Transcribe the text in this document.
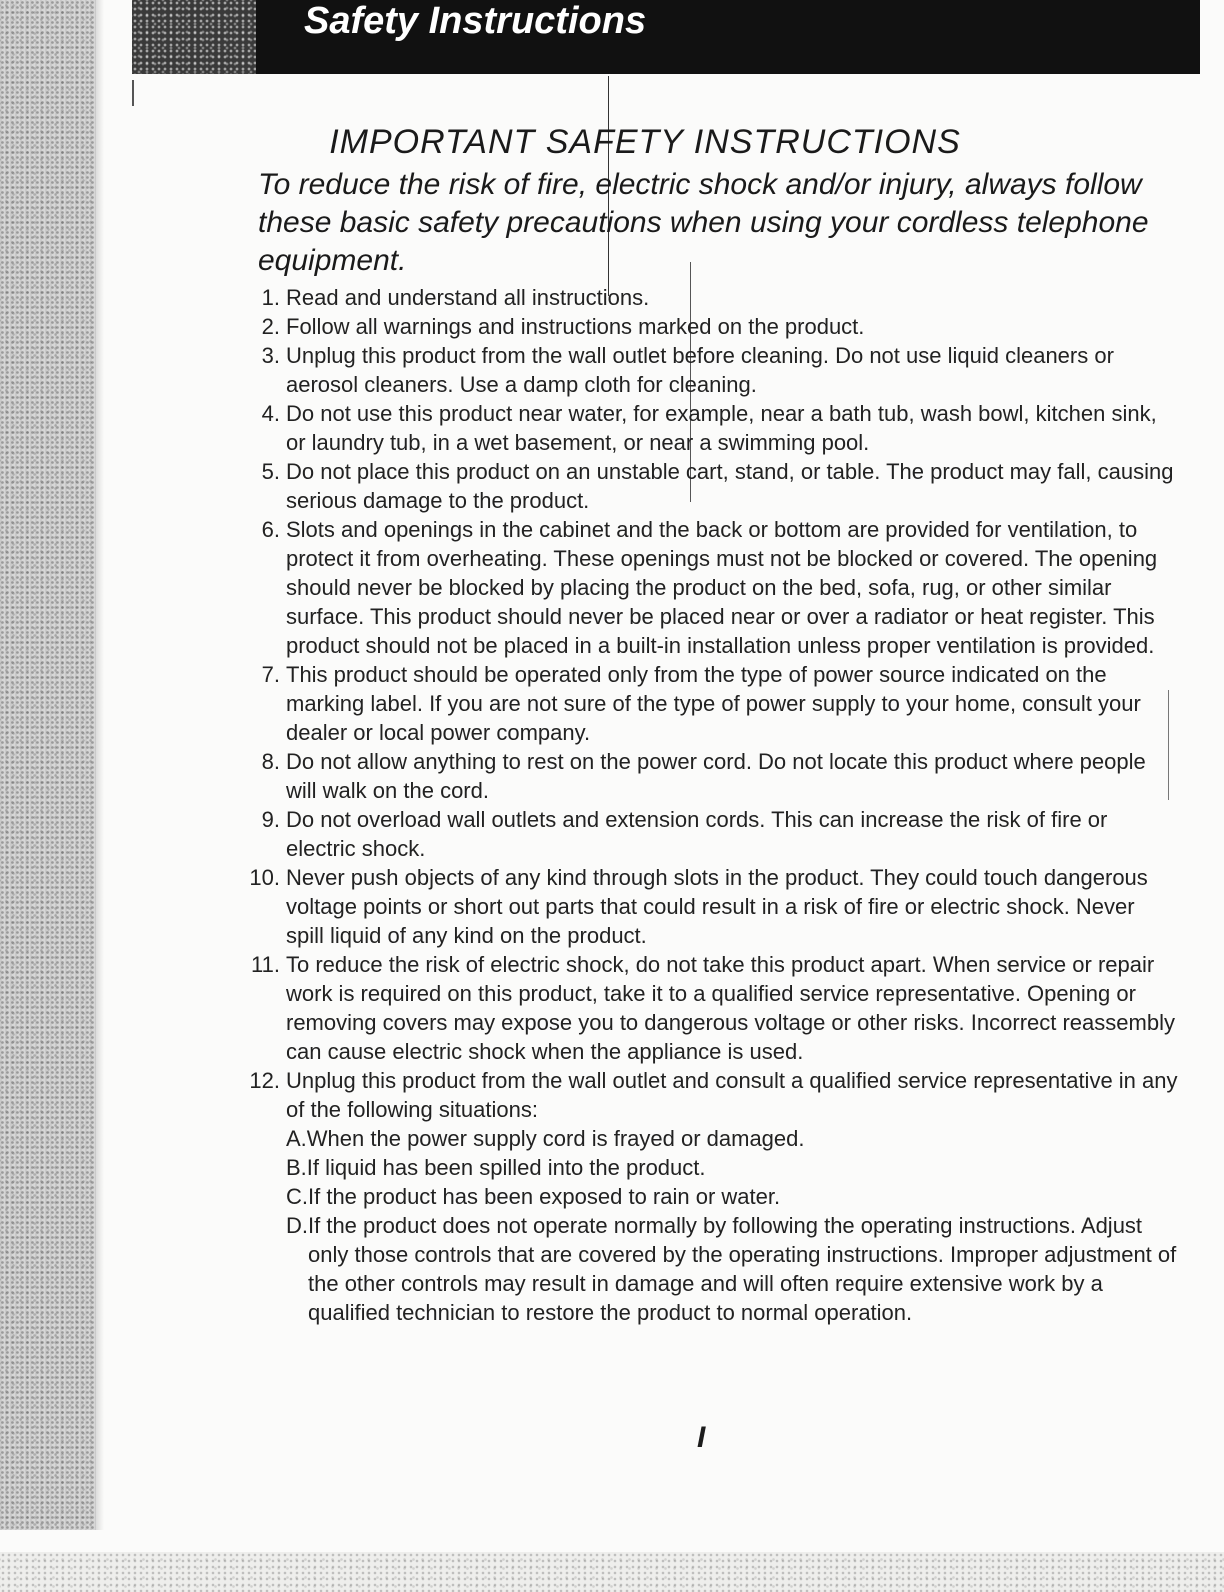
Safety Instructions
IMPORTANT SAFETY INSTRUCTIONS

To reduce the risk of fire, electric shock and/or injury, always follow these basic safety precautions when using your cordless telephone equipment.

1. Read and understand all instructions.
2. Follow all warnings and instructions marked on the product.
3. Unplug this product from the wall outlet before cleaning. Do not use liquid cleaners or aerosol cleaners. Use a damp cloth for cleaning.
4. Do not use this product near water, for example, near a bath tub, wash bowl, kitchen sink, or laundry tub, in a wet basement, or near a swimming pool.
5. Do not place this product on an unstable cart, stand, or table. The product may fall, causing serious damage to the product.
6. Slots and openings in the cabinet and the back or bottom are provided for ventilation, to protect it from overheating. These openings must not be blocked or covered. The opening should never be blocked by placing the product on the bed, sofa, rug, or other similar surface. This product should never be placed near or over a radiator or heat register. This product should not be placed in a built-in installation unless proper ventilation is provided.
7. This product should be operated only from the type of power source indicated on the marking label. If you are not sure of the type of power supply to your home, consult your dealer or local power company.
8. Do not allow anything to rest on the power cord. Do not locate this product where people will walk on the cord.
9. Do not overload wall outlets and extension cords. This can increase the risk of fire or electric shock.
10. Never push objects of any kind through slots in the product. They could touch dangerous voltage points or short out parts that could result in a risk of fire or electric shock. Never spill liquid of any kind on the product.
11. To reduce the risk of electric shock, do not take this product apart. When service or repair work is required on this product, take it to a qualified service representative. Opening or removing covers may expose you to dangerous voltage or other risks. Incorrect reassembly can cause electric shock when the appliance is used.
12. Unplug this product from the wall outlet and consult a qualified service representative in any of the following situations:
A.When the power supply cord is frayed or damaged.
B.If liquid has been spilled into the product.
C.If the product has been exposed to rain or water.
D.If the product does not operate normally by following the operating instructions. Adjust only those controls that are covered by the operating instructions. Improper adjustment of the other controls may result in damage and will often require extensive work by a qualified technician to restore the product to normal operation.
I
